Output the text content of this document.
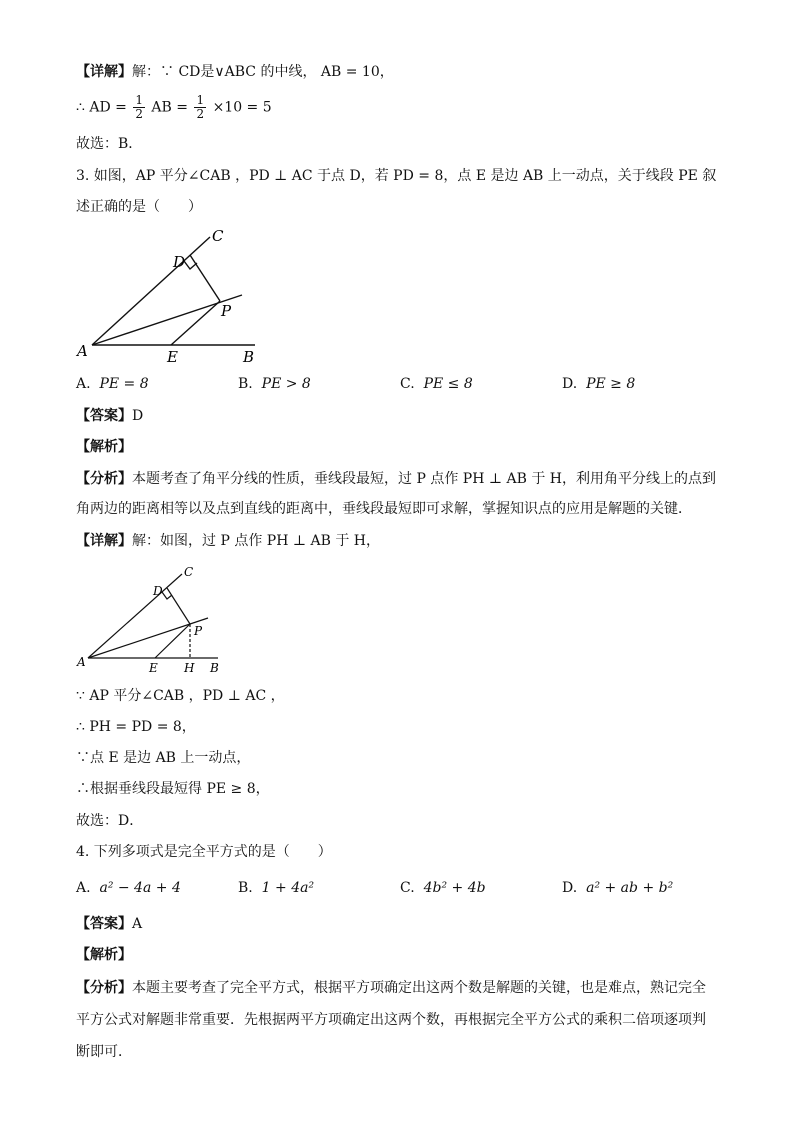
【详解】解：∵ CD是∨ABC 的中线， AB = 10，
∴ AD = $\frac{1}{2}$ AB = $\frac{1}{2} \times 10 = 5$
故选：B．
3. 如图，AP 平分∠CAB ，PD ⊥ AC 于点 D，若 PD = 8，点 E 是边 AB 上一动点，关于线段 PE 叙
述正确的是（　　）
C
D
P
A	E	B
A. PE = 8	B. PE > 8	C. PE ≤ 8	D. PE ≥ 8
【答案】D
【解析】
【分析】本题考查了角平分线的性质，垂线段最短，过 P 点作 PH ⊥ AB 于 H，利用角平分线上的点到
角两边的距离相等以及点到直线的距离中，垂线段最短即可求解，掌握知识点的应用是解题的关键．
【详解】解：如图，过 P 点作 PH ⊥ AB 于 H，
C
D
P
A	E H B
∵ AP 平分∠CAB ，PD ⊥ AC ，
∴ PH = PD = 8，
∵点 E 是边 AB 上一动点，
∴根据垂线段最短得 PE ≥ 8，
故选：D．
4. 下列多项式是完全平方式的是（　　）
A. a² − 4a + 4	B. 1 + 4a²	C. 4b² + 4b	D. a² + ab + b²
【答案】A
【解析】
【分析】本题主要考查了完全平方式，根据平方项确定出这两个数是解题的关键，也是难点，熟记完全
平方公式对解题非常重要．先根据两平方项确定出这两个数，再根据完全平方公式的乘积二倍项逐项判
断即可．
